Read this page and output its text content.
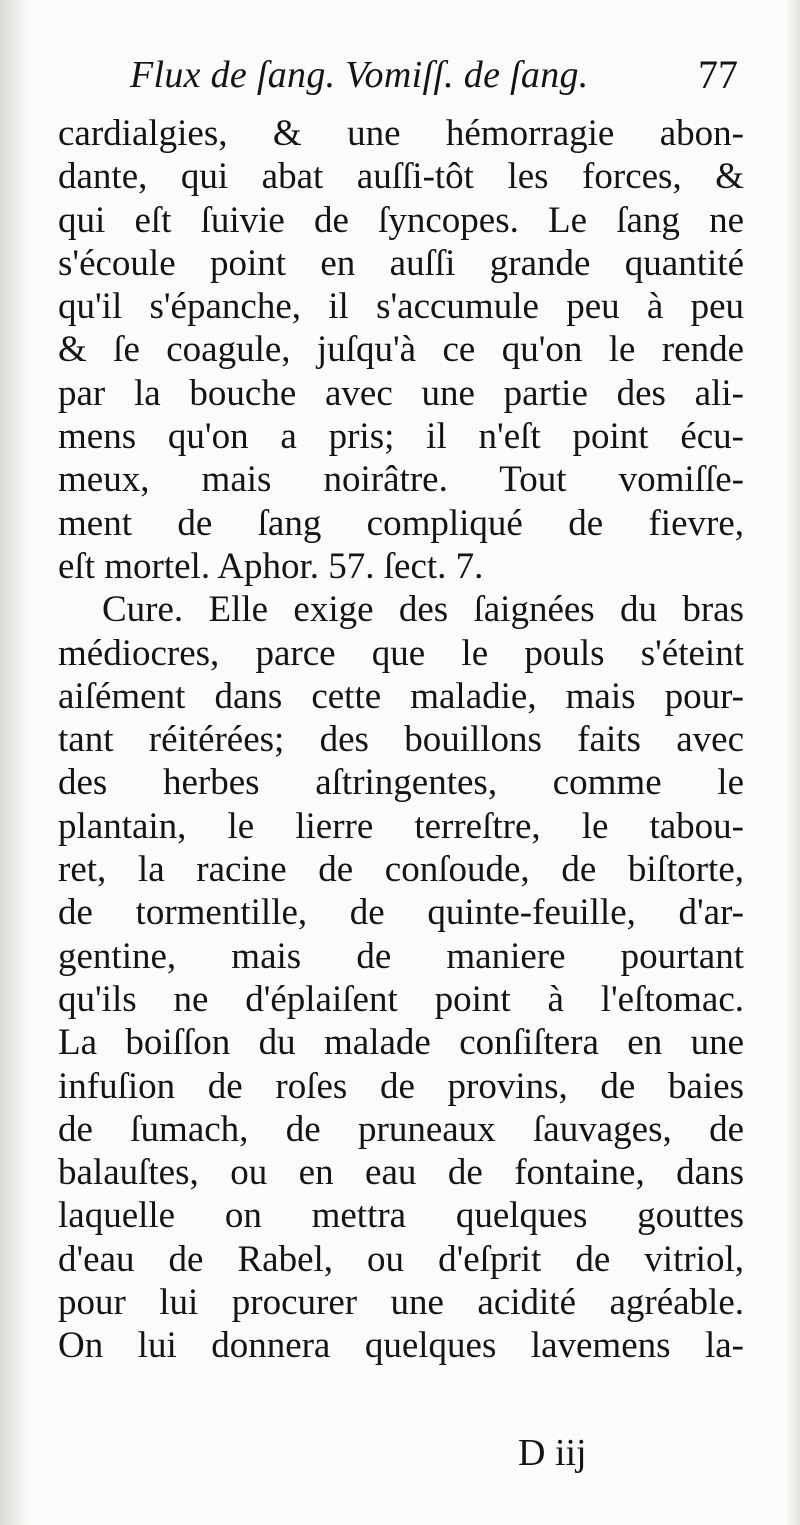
Flux de ſang. Vomiſſ. de ſang.	77
cardialgies, & une hémorragie abon-
dante, qui abat auſſi-tôt les forces, &
qui eſt ſuivie de ſyncopes. Le ſang ne
s'écoule point en auſſi grande quantité
qu'il s'épanche, il s'accumule peu à peu
& ſe coagule, juſqu'à ce qu'on le rende
par la bouche avec une partie des ali-
mens qu'on a pris; il n'eſt point écu-
meux, mais noirâtre. Tout vomiſſe-
ment de ſang compliqué de fievre,
eſt mortel. Aphor. 57. ſect. 7.
Cure. Elle exige des ſaignées du bras
médiocres, parce que le pouls s'éteint
aiſément dans cette maladie, mais pour-
tant réitérées; des bouillons faits avec
des herbes aſtringentes, comme le
plantain, le lierre terreſtre, le tabou-
ret, la racine de conſoude, de biſtorte,
de tormentille, de quinte-feuille, d'ar-
gentine, mais de maniere pourtant
qu'ils ne d'éplaiſent point à l'eſtomac.
La boiſſon du malade conſiſtera en une
infuſion de roſes de provins, de baies
de ſumach, de pruneaux ſauvages, de
balauſtes, ou en eau de fontaine, dans
laquelle on mettra quelques gouttes
d'eau de Rabel, ou d'eſprit de vitriol,
pour lui procurer une acidité agréable.
On lui donnera quelques lavemens la-
D iij
